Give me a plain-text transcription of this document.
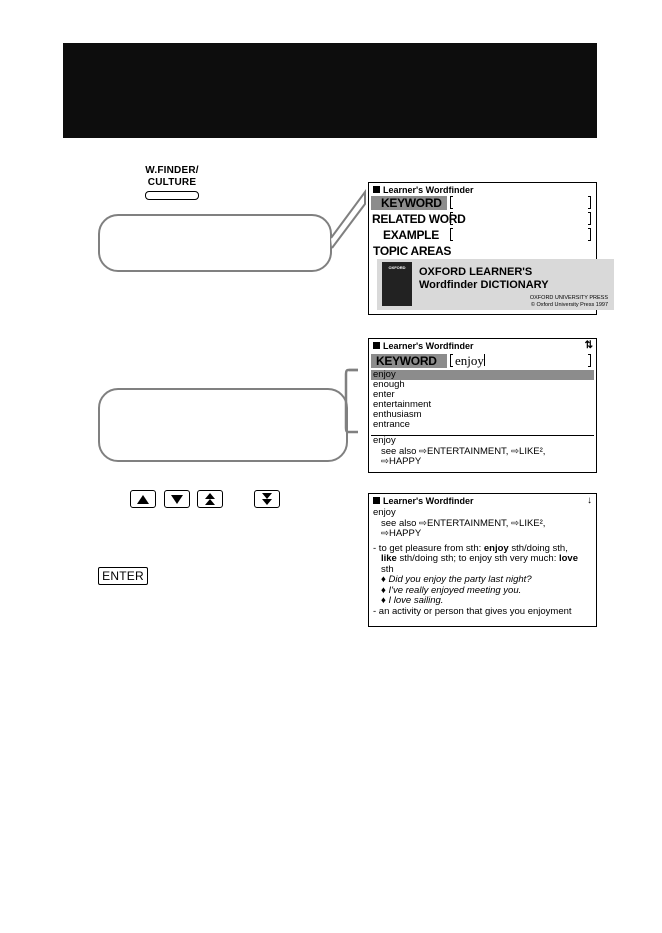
W.FINDER/
CULTURE
Learner's Wordfinder
KEYWORD
RELATED WORD
EXAMPLE
TOPIC AREAS
OXFORD	OXFORD LEARNER'S
Wordfinder DICTIONARY
OXFORD UNIVERSITY PRESS
© Oxford University Press 1997
Learner's Wordfinder	⇅
KEYWORD enjoy
enjoy
enough
enter
entertainment
enthusiasm
entrance
enjoy
see also ⇨ENTERTAINMENT, ⇨LIKE²,
⇨HAPPY
ENTER
Learner's Wordfinder	↓
enjoy
see also ⇨ENTERTAINMENT, ⇨LIKE²,
⇨HAPPY
- to get pleasure from sth: enjoy sth/doing sth,
like sth/doing sth; to enjoy sth very much: love
sth
♦ Did you enjoy the party last night?
♦ I've really enjoyed meeting you.
♦ I love sailing.
- an activity or person that gives you enjoyment
